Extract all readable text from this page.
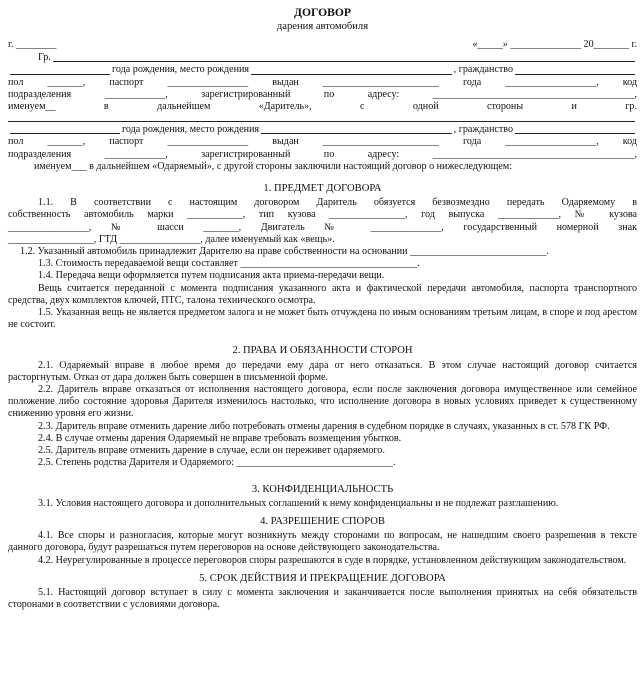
ДОГОВОР
дарения автомобиля
г. ________	«_____» ______________ 20_______ г.
Гр.
года рождения, место рождения	, гражданство
пол _______, паспорт ________________ выдан _______________________ года __________________, код
подразделения ____________, зарегистрированный по адресу: ________________________________________,
именуем__ в дальнейшем «Даритель», с одной стороны и гр.
года рождения, место рождения	, гражданство
пол _______, паспорт ________________ выдан _______________________ года __________________, код
подразделения ____________, зарегистрированный по адресу: ________________________________________,
именуем___ в дальнейшем «Одаряемый», с другой стороны заключили настоящий договор о нижеследующем:
1. ПРЕДМЕТ ДОГОВОРА
1.1. В соответствии с настоящим договором Даритель обязуется безвозмездно передать Одаряемому в
собственность автомобиль марки ___________, тип кузова _______________, год выпуска ____________, № кузова
________________, № шасси _______, Двигатель № ______________, государственный номерной знак
_________________, ГТД ________________, далее именуемый как «вещь».
1.2. Указанный автомобиль принадлежит Дарителю на праве собственности на основании ___________________________.
1.3. Стоимость передаваемой вещи составляет ___________________________________.
1.4. Передача вещи оформляется путем подписания акта приема-передачи вещи.
Вещь считается переданной с момента подписания указанного акта и фактической передачи автомобиля, паспорта транспортного средства, двух комплектов ключей, ПТС, талона технического осмотра.
1.5. Указанная вещь не является предметом залога и не может быть отчуждена по иным основаниям третьим лицам, в споре и под арестом не состоит.
2. ПРАВА И ОБЯЗАННОСТИ СТОРОН
2.1. Одаряемый вправе в любое время до передачи ему дара от него отказаться. В этом случае настоящий договор считается расторгнутым. Отказ от дара должен быть совершен в письменной форме.
2.2. Даритель вправе отказаться от исполнения настоящего договора, если после заключения договора имущественное или семейное положение либо состояние здоровья Дарителя изменилось настолько, что исполнение договора в новых условиях приведет к существенному снижению уровня его жизни.
2.3. Даритель вправе отменить дарение либо потребовать отмены дарения в судебном порядке в случаях, указанных в ст. 578 ГК РФ.
2.4. В случае отмены дарения Одаряемый не вправе требовать возмещения убытков.
2.5. Даритель вправе отменить дарение в случае, если он переживет одаряемого.
2.5. Степень родства Дарителя и Одаряемого: _______________________________.
3. КОНФИДЕНЦИАЛЬНОСТЬ
3.1. Условия настоящего договора и дополнительных соглашений к нему конфиденциальны и не подлежат разглашению.
4. РАЗРЕШЕНИЕ СПОРОВ
4.1. Все споры и разногласия, которые могут возникнуть между сторонами по вопросам, не нашедшим своего разрешения в тексте данного договора, будут разрешаться путем переговоров на основе действующего законодательства.
4.2. Неурегулированные в процессе переговоров споры разрешаются в суде в порядке, установленном действующим законодательством.
5. СРОК ДЕЙСТВИЯ И ПРЕКРАЩЕНИЕ ДОГОВОРА
5.1. Настоящий договор вступает в силу с момента заключения и заканчивается после выполнения принятых на себя обязательств сторонами в соответствии с условиями договора.
